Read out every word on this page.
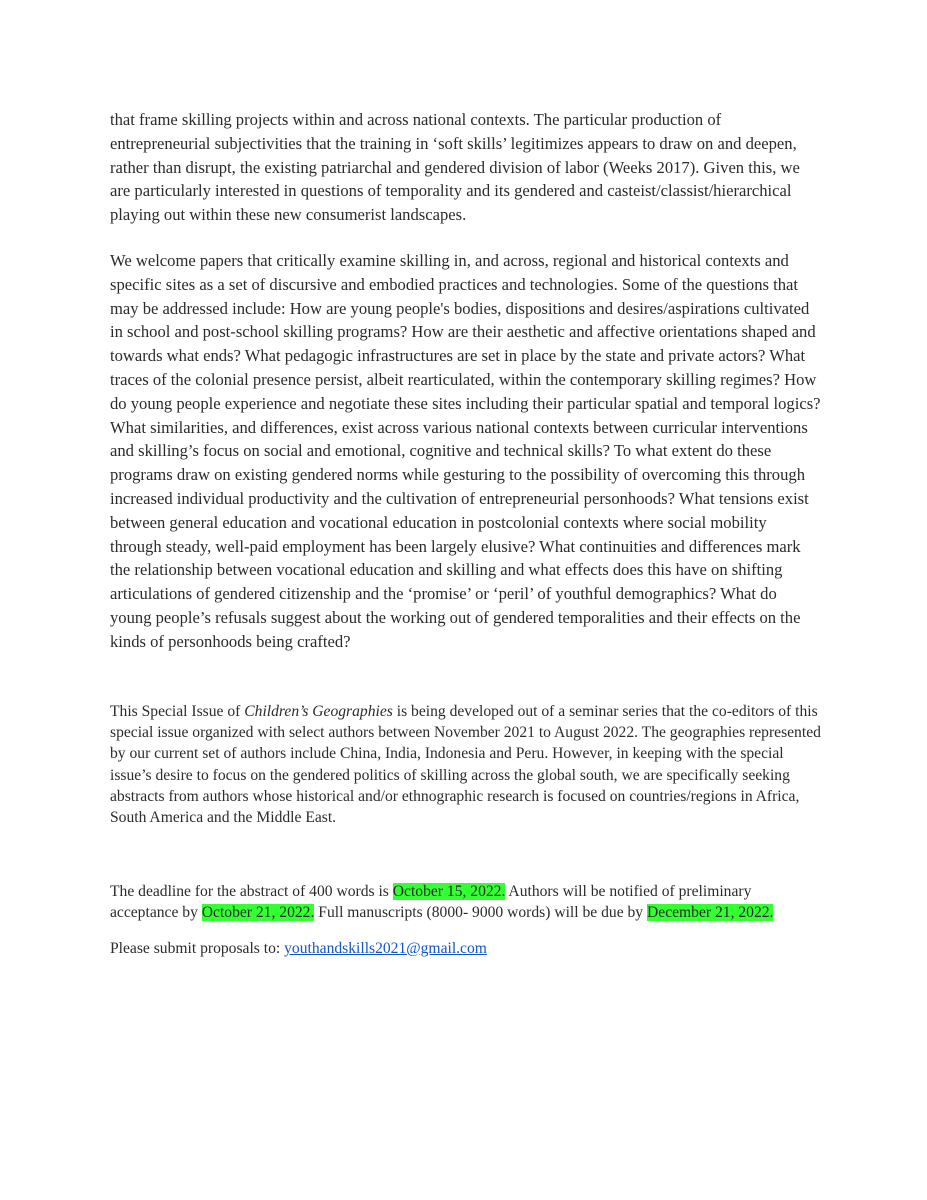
that frame skilling projects within and across national contexts. The particular production of entrepreneurial subjectivities that the training in ‘soft skills’ legitimizes appears to draw on and deepen, rather than disrupt, the existing patriarchal and gendered division of labor (Weeks 2017). Given this, we are particularly interested in questions of temporality and its gendered and casteist/classist/hierarchical playing out within these new consumerist landscapes.

We welcome papers that critically examine skilling in, and across, regional and historical contexts and specific sites as a set of discursive and embodied practices and technologies. Some of the questions that may be addressed include: How are young people's bodies, dispositions and desires/aspirations cultivated in school and post-school skilling programs? How are their aesthetic and affective orientations shaped and towards what ends? What pedagogic infrastructures are set in place by the state and private actors? What traces of the colonial presence persist, albeit rearticulated, within the contemporary skilling regimes? How do young people experience and negotiate these sites including their particular spatial and temporal logics? What similarities, and differences, exist across various national contexts between curricular interventions and skilling’s focus on social and emotional, cognitive and technical skills? To what extent do these programs draw on existing gendered norms while gesturing to the possibility of overcoming this through increased individual productivity and the cultivation of entrepreneurial personhoods? What tensions exist between general education and vocational education in postcolonial contexts where social mobility through steady, well-paid employment has been largely elusive? What continuities and differences mark the relationship between vocational education and skilling and what effects does this have on shifting articulations of gendered citizenship and the ‘promise’ or ‘peril’ of youthful demographics? What do young people’s refusals suggest about the working out of gendered temporalities and their effects on the kinds of personhoods being crafted?

This Special Issue of Children’s Geographies is being developed out of a seminar series that the co-editors of this special issue organized with select authors between November 2021 to August 2022. The geographies represented by our current set of authors include China, India, Indonesia and Peru. However, in keeping with the special issue’s desire to focus on the gendered politics of skilling across the global south, we are specifically seeking abstracts from authors whose historical and/or ethnographic research is focused on countries/regions in Africa, South America and the Middle East.

The deadline for the abstract of 400 words is October 15, 2022. Authors will be notified of preliminary acceptance by October 21, 2022. Full manuscripts (8000- 9000 words) will be due by December 21, 2022.

Please submit proposals to: youthandskills2021@gmail.com
